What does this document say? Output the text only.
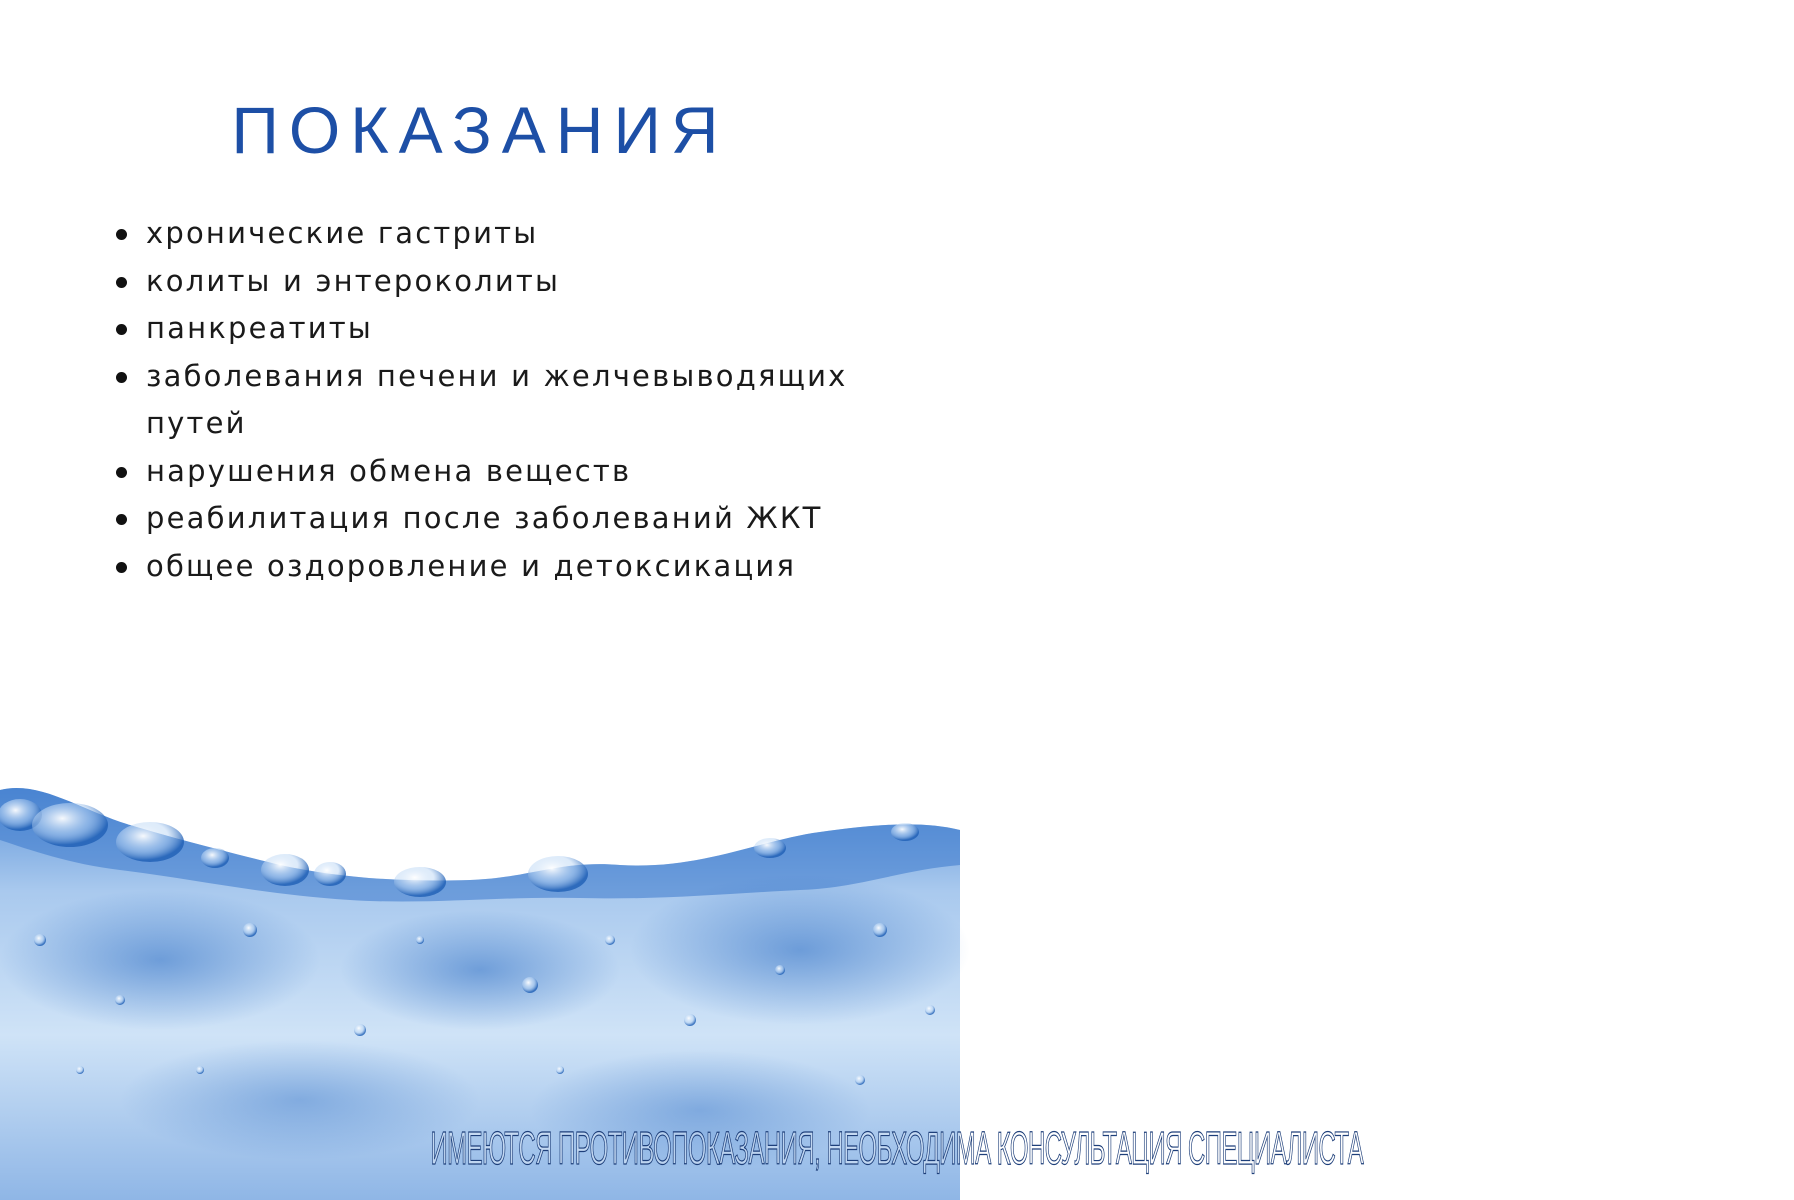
ПОКАЗАНИЯ
хронические гастриты
колиты и энтероколиты
панкреатиты
заболевания печени и желчевыводящих путей
нарушения обмена веществ
реабилитация после заболеваний ЖКТ
общее оздоровление и детоксикация
ИМЕЮТСЯ ПРОТИВОПОКАЗАНИЯ, НЕОБХОДИМА КОНСУЛЬТАЦИЯ СПЕЦИАЛИСТА
